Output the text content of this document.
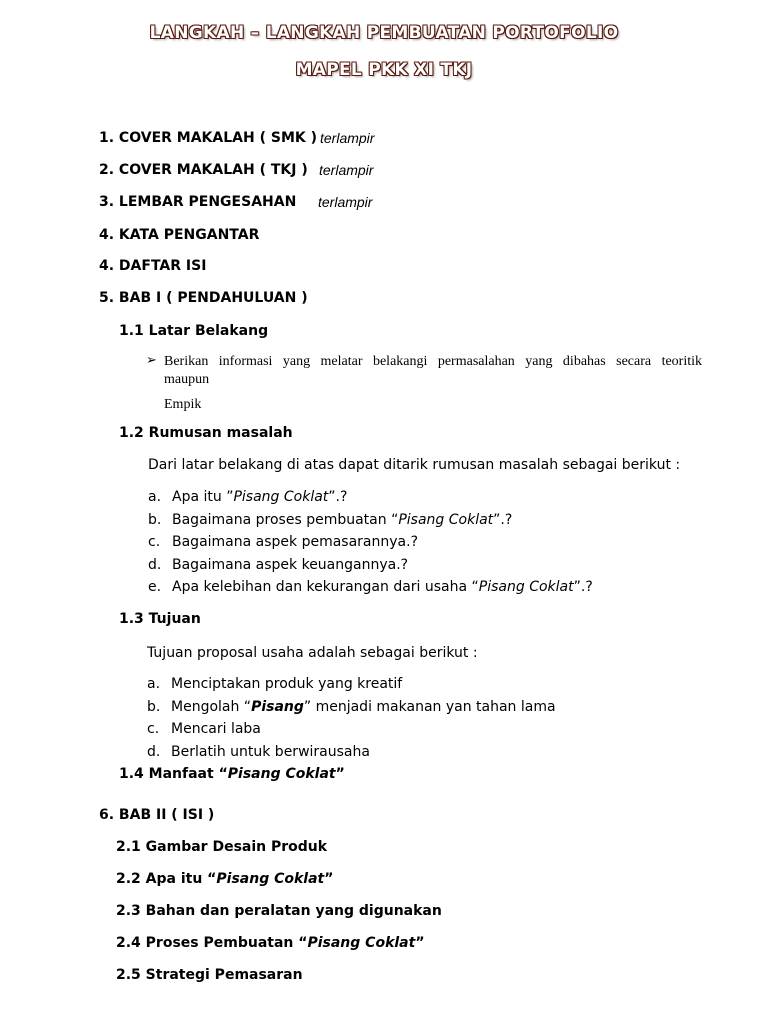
LANGKAH – LANGKAH PEMBUATAN PORTOFOLIO
MAPEL PKK XI TKJ
1. COVER MAKALAH ( SMK ) terlampir
2. COVER MAKALAH ( TKJ ) terlampir
3. LEMBAR PENGESAHAN terlampir
4. KATA PENGANTAR
4. DAFTAR ISI
5. BAB I ( PENDAHULUAN )
1.1 Latar Belakang
➢ Berikan informasi yang melatar belakangi permasalahan yang dibahas secara teoritik
maupun
Empik
1.2 Rumusan masalah
Dari latar belakang di atas dapat ditarik rumusan masalah sebagai berikut :
a. Apa itu ”Pisang Coklat”.?
b. Bagaimana proses pembuatan “Pisang Coklat”.?
c. Bagaimana aspek pemasarannya.?
d. Bagaimana aspek keuangannya.?
e. Apa kelebihan dan kekurangan dari usaha “Pisang Coklat”.?
1.3 Tujuan
Tujuan proposal usaha adalah sebagai berikut :
a. Menciptakan produk yang kreatif
b. Mengolah “Pisang” menjadi makanan yan tahan lama
c. Mencari laba
d. Berlatih untuk berwirausaha
1.4 Manfaat “Pisang Coklat”
6. BAB II ( ISI )
2.1 Gambar Desain Produk
2.2 Apa itu “Pisang Coklat”
2.3 Bahan dan peralatan yang digunakan
2.4 Proses Pembuatan “Pisang Coklat”
2.5 Strategi Pemasaran
